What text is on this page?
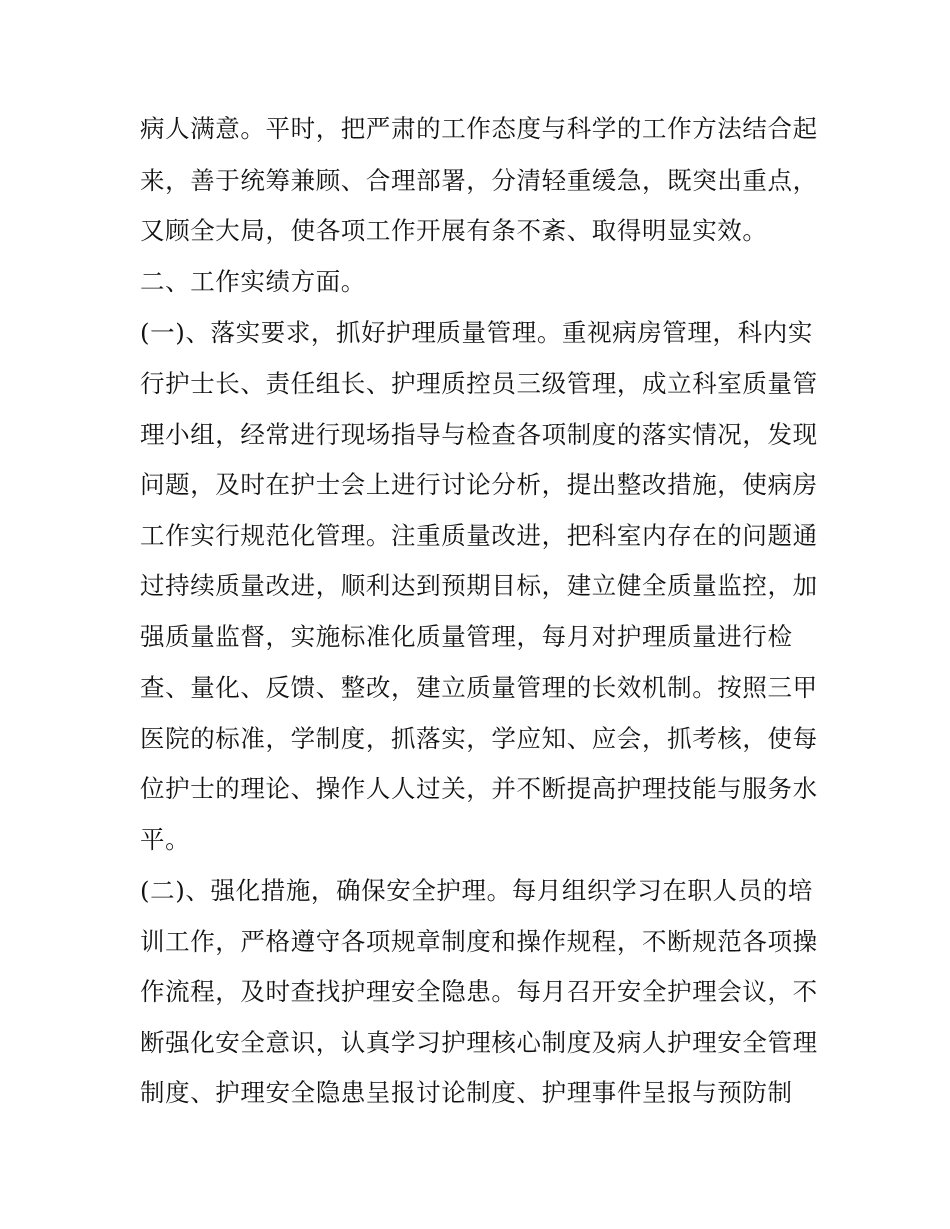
病人满意。平时，把严肃的工作态度与科学的工作方法结合起
来，善于统筹兼顾、合理部署，分清轻重缓急，既突出重点，
又顾全大局，使各项工作开展有条不紊、取得明显实效。
二、工作实绩方面。
(一)、落实要求，抓好护理质量管理。重视病房管理，科内实
行护士长、责任组长、护理质控员三级管理，成立科室质量管
理小组，经常进行现场指导与检查各项制度的落实情况，发现
问题，及时在护士会上进行讨论分析，提出整改措施，使病房
工作实行规范化管理。注重质量改进，把科室内存在的问题通
过持续质量改进，顺利达到预期目标，建立健全质量监控，加
强质量监督，实施标准化质量管理，每月对护理质量进行检
查、量化、反馈、整改，建立质量管理的长效机制。按照三甲
医院的标准，学制度，抓落实，学应知、应会，抓考核，使每
位护士的理论、操作人人过关，并不断提高护理技能与服务水
平。
(二)、强化措施，确保安全护理。每月组织学习在职人员的培
训工作，严格遵守各项规章制度和操作规程，不断规范各项操
作流程，及时查找护理安全隐患。每月召开安全护理会议，不
断强化安全意识，认真学习护理核心制度及病人护理安全管理
制度、护理安全隐患呈报讨论制度、护理事件呈报与预防制
